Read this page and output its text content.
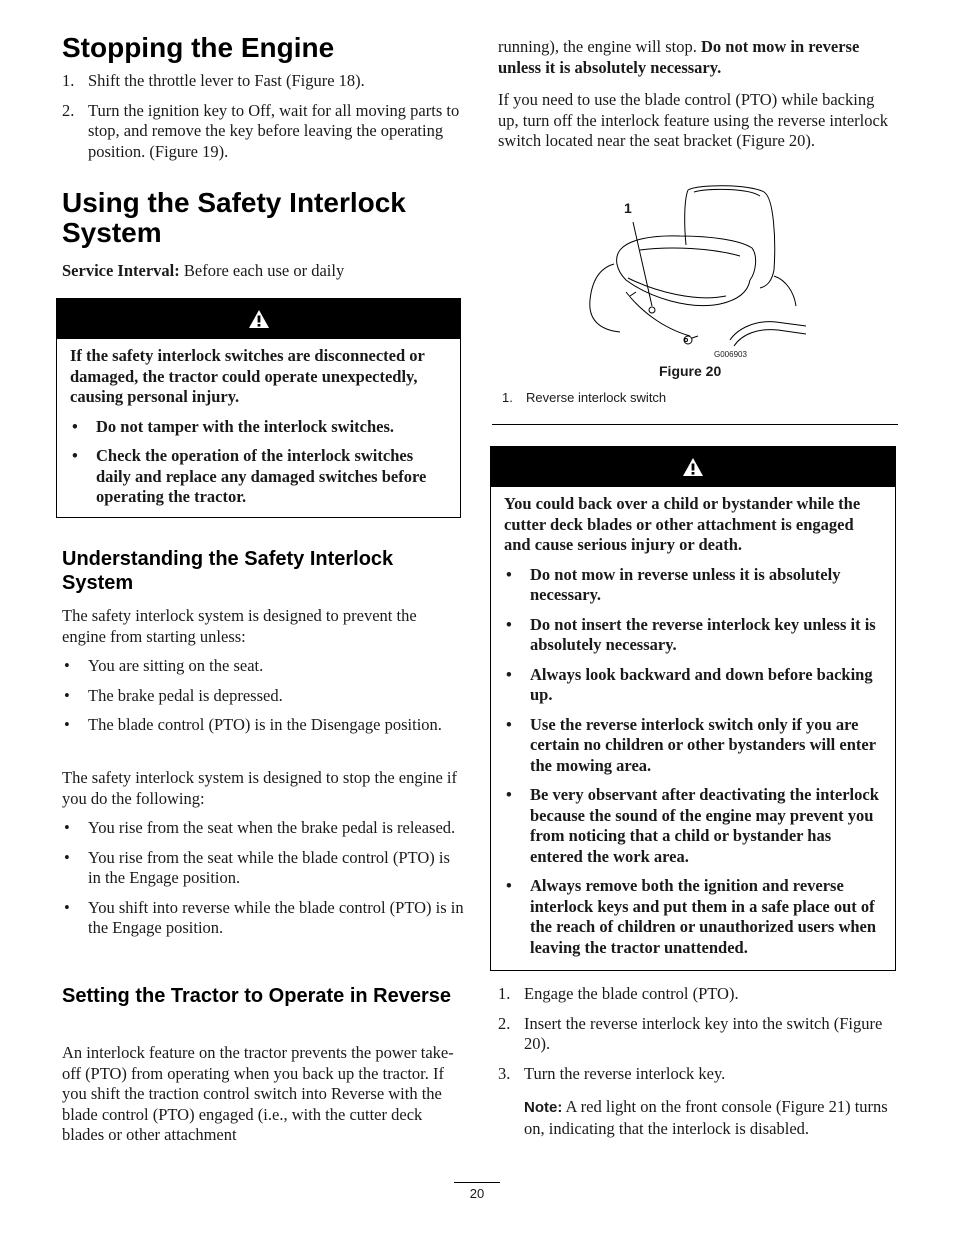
Stopping the Engine
1. Shift the throttle lever to Fast (Figure 18).
2. Turn the ignition key to Off, wait for all moving parts to stop, and remove the key before leaving the operating position. (Figure 19).
Using the Safety Interlock System

Service Interval: Before each use or daily

If the safety interlock switches are disconnected or damaged, the tractor could operate unexpectedly, causing personal injury.

• Do not tamper with the interlock switches.
• Check the operation of the interlock switches daily and replace any damaged switches before operating the tractor.
Understanding the Safety Interlock System

The safety interlock system is designed to prevent the engine from starting unless:

• You are sitting on the seat.
• The brake pedal is depressed.
• The blade control (PTO) is in the Disengage position.

The safety interlock system is designed to stop the engine if you do the following:

• You rise from the seat when the brake pedal is released.
• You rise from the seat while the blade control (PTO) is in the Engage position.
• You shift into reverse while the blade control (PTO) is in the Engage position.
Setting the Tractor to Operate in Reverse

An interlock feature on the tractor prevents the power take-off (PTO) from operating when you back up the tractor. If you shift the traction control switch into Reverse with the blade control (PTO) engaged (i.e., with the cutter deck blades or other attachment

running), the engine will stop. Do not mow in reverse unless it is absolutely necessary.

If you need to use the blade control (PTO) while backing up, turn off the interlock feature using the reverse interlock switch located near the seat bracket (Figure 20).

1
G006903
Figure 20
1. Reverse interlock switch

You could back over a child or bystander while the cutter deck blades or other attachment is engaged and cause serious injury or death.

• Do not mow in reverse unless it is absolutely necessary.
• Do not insert the reverse interlock key unless it is absolutely necessary.
• Always look backward and down before backing up.
• Use the reverse interlock switch only if you are certain no children or other bystanders will enter the mowing area.
• Be very observant after deactivating the interlock because the sound of the engine may prevent you from noticing that a child or bystander has entered the work area.
• Always remove both the ignition and reverse interlock keys and put them in a safe place out of the reach of children or unauthorized users when leaving the tractor unattended.
1. Engage the blade control (PTO).
2. Insert the reverse interlock key into the switch (Figure 20).
3. Turn the reverse interlock key.

Note: A red light on the front console (Figure 21) turns on, indicating that the interlock is disabled.

20
